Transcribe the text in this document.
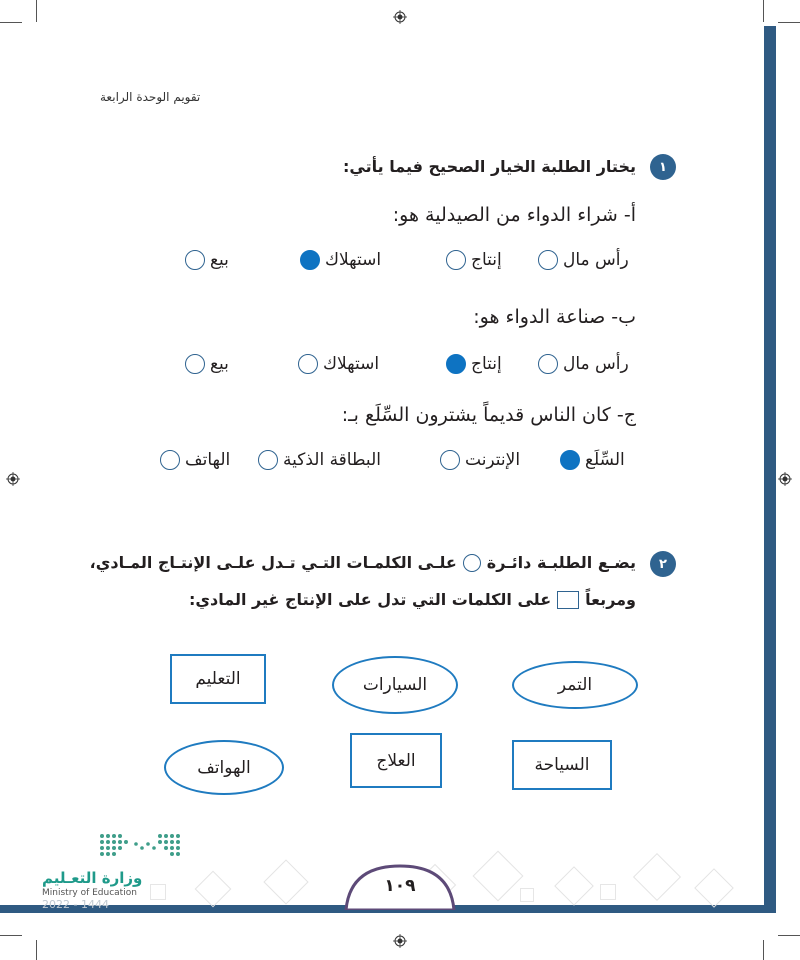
تقويم الوحدة الرابعة
١
يختار الطلبة الخيار الصحيح فيما يأتي:
أ- شراء الدواء من الصيدلية هو:
رأس مال
إنتاج
استهلاك
بيع
ب- صناعة الدواء هو:
رأس مال
إنتاج
استهلاك
بيع
ج- كان الناس قديماً يشترون السِّلَع بـ:
السِّلَع
الإنترنت
البطاقة الذكية
الهاتف
٢
يضـع الطلبـة دائـرة
علـى الكلمـات التـي تـدل علـى الإنتـاج المـادي،
ومربعاً
على الكلمات التي تدل على الإنتاج غير المادي:
التمر
السيارات
التعليم
السياحة
العلاج
الهواتف
وزارة التعـليم
Ministry of Education
2022 - 1444
١٠٩
